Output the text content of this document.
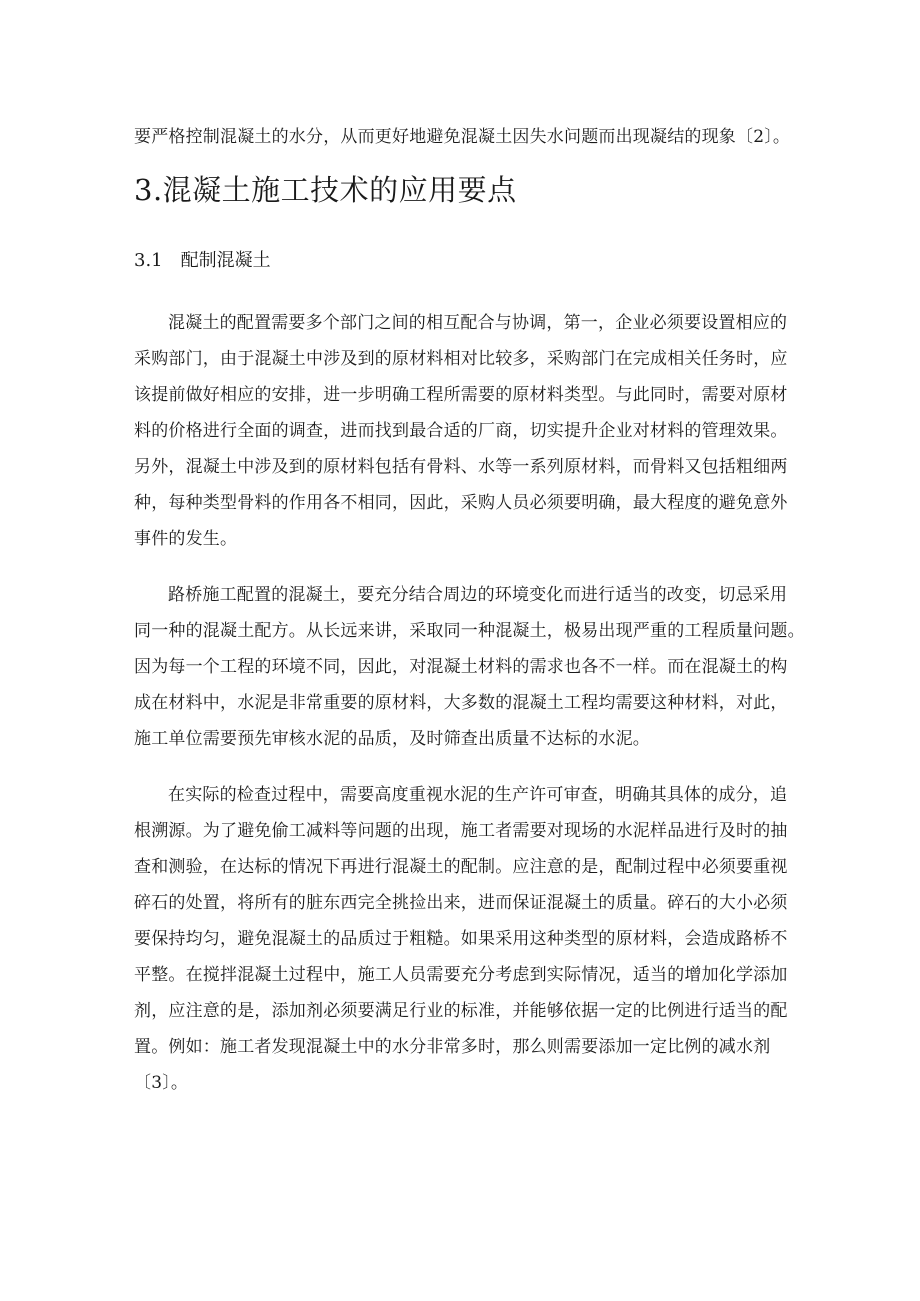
要严格控制混凝土的水分，从而更好地避免混凝土因失水问题而出现凝结的现象〔2〕。
3.混凝土施工技术的应用要点
3.1 配制混凝土
混凝土的配置需要多个部门之间的相互配合与协调，第一，企业必须要设置相应的
采购部门，由于混凝土中涉及到的原材料相对比较多，采购部门在完成相关任务时，应
该提前做好相应的安排，进一步明确工程所需要的原材料类型。与此同时，需要对原材
料的价格进行全面的调查，进而找到最合适的厂商，切实提升企业对材料的管理效果。
另外，混凝土中涉及到的原材料包括有骨料、水等一系列原材料，而骨料又包括粗细两
种，每种类型骨料的作用各不相同，因此，采购人员必须要明确，最大程度的避免意外
事件的发生。
路桥施工配置的混凝土，要充分结合周边的环境变化而进行适当的改变，切忌采用
同一种的混凝土配方。从长远来讲，采取同一种混凝土，极易出现严重的工程质量问题。
因为每一个工程的环境不同，因此，对混凝土材料的需求也各不一样。而在混凝土的构
成在材料中，水泥是非常重要的原材料，大多数的混凝土工程均需要这种材料，对此，
施工单位需要预先审核水泥的品质，及时筛查出质量不达标的水泥。
在实际的检查过程中，需要高度重视水泥的生产许可审查，明确其具体的成分，追
根溯源。为了避免偷工减料等问题的出现，施工者需要对现场的水泥样品进行及时的抽
查和测验，在达标的情况下再进行混凝土的配制。应注意的是，配制过程中必须要重视
碎石的处置，将所有的脏东西完全挑捡出来，进而保证混凝土的质量。碎石的大小必须
要保持均匀，避免混凝土的品质过于粗糙。如果采用这种类型的原材料，会造成路桥不
平整。在搅拌混凝土过程中，施工人员需要充分考虑到实际情况，适当的增加化学添加
剂，应注意的是，添加剂必须要满足行业的标准，并能够依据一定的比例进行适当的配
置。例如：施工者发现混凝土中的水分非常多时，那么则需要添加一定比例的减水剂
〔3〕。
